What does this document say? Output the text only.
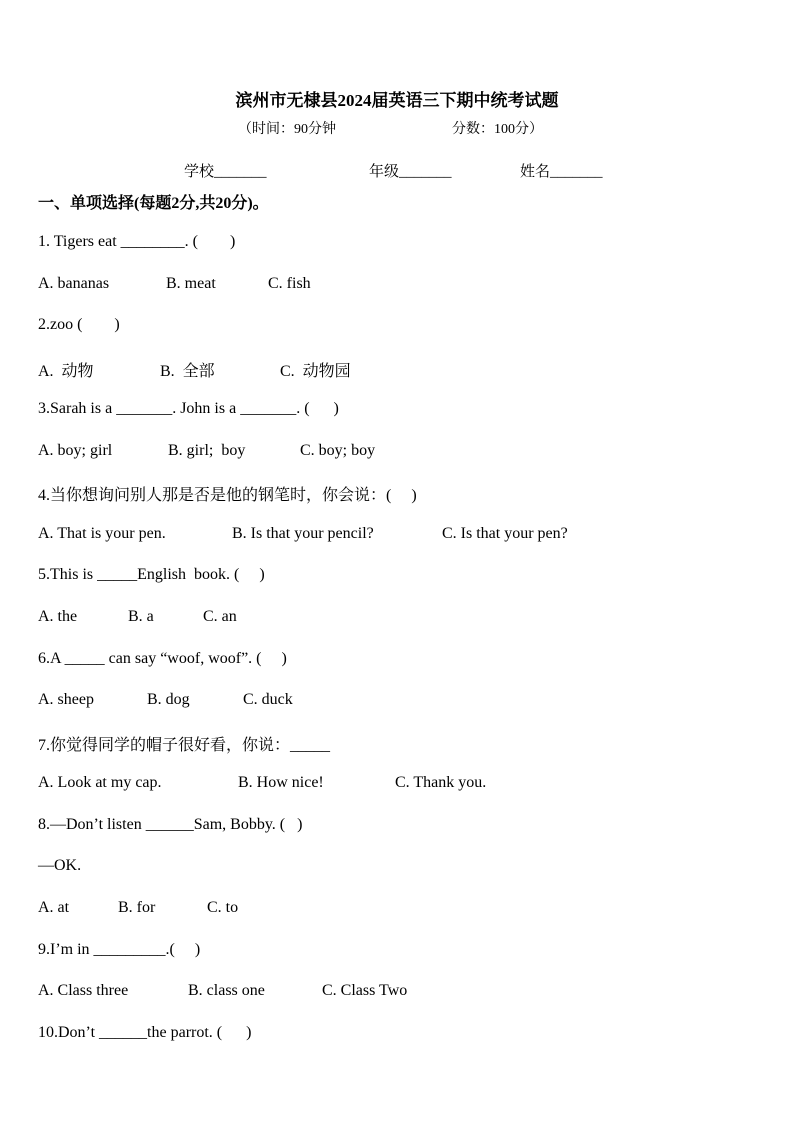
滨州市无棣县2024届英语三下期中统考试题
（时间：90分钟	分数：100分）
学校_______	年级_______	姓名_______
一、单项选择(每题2分,共20分)。
1. Tigers eat ________. (        )
A. bananas	B. meat	C. fish
2.zoo (        )
A.  动物	B.  全部	C.  动物园
3.Sarah is a _______. John is a _______. (      )
A. boy; girl	B. girl;  boy	C. boy; boy
4.当你想询问别人那是否是他的钢笔时，你会说：(     )
A. That is your pen.	B. Is that your pencil?	C. Is that your pen?
5.This is _____English  book. (     )
A. the	B. a	C. an
6.A _____ can say “woof, woof”. (     )
A. sheep	B. dog	C. duck
7.你觉得同学的帽子很好看，你说：_____
A. Look at my cap.	B. How nice!	C. Thank you.
8.—Don’t listen ______Sam, Bobby. (   )
—OK.
A. at	B. for	C. to
9.I’m in _________.(     )
A. Class three	B. class one	C. Class Two
10.Don’t ______the parrot. (      )
